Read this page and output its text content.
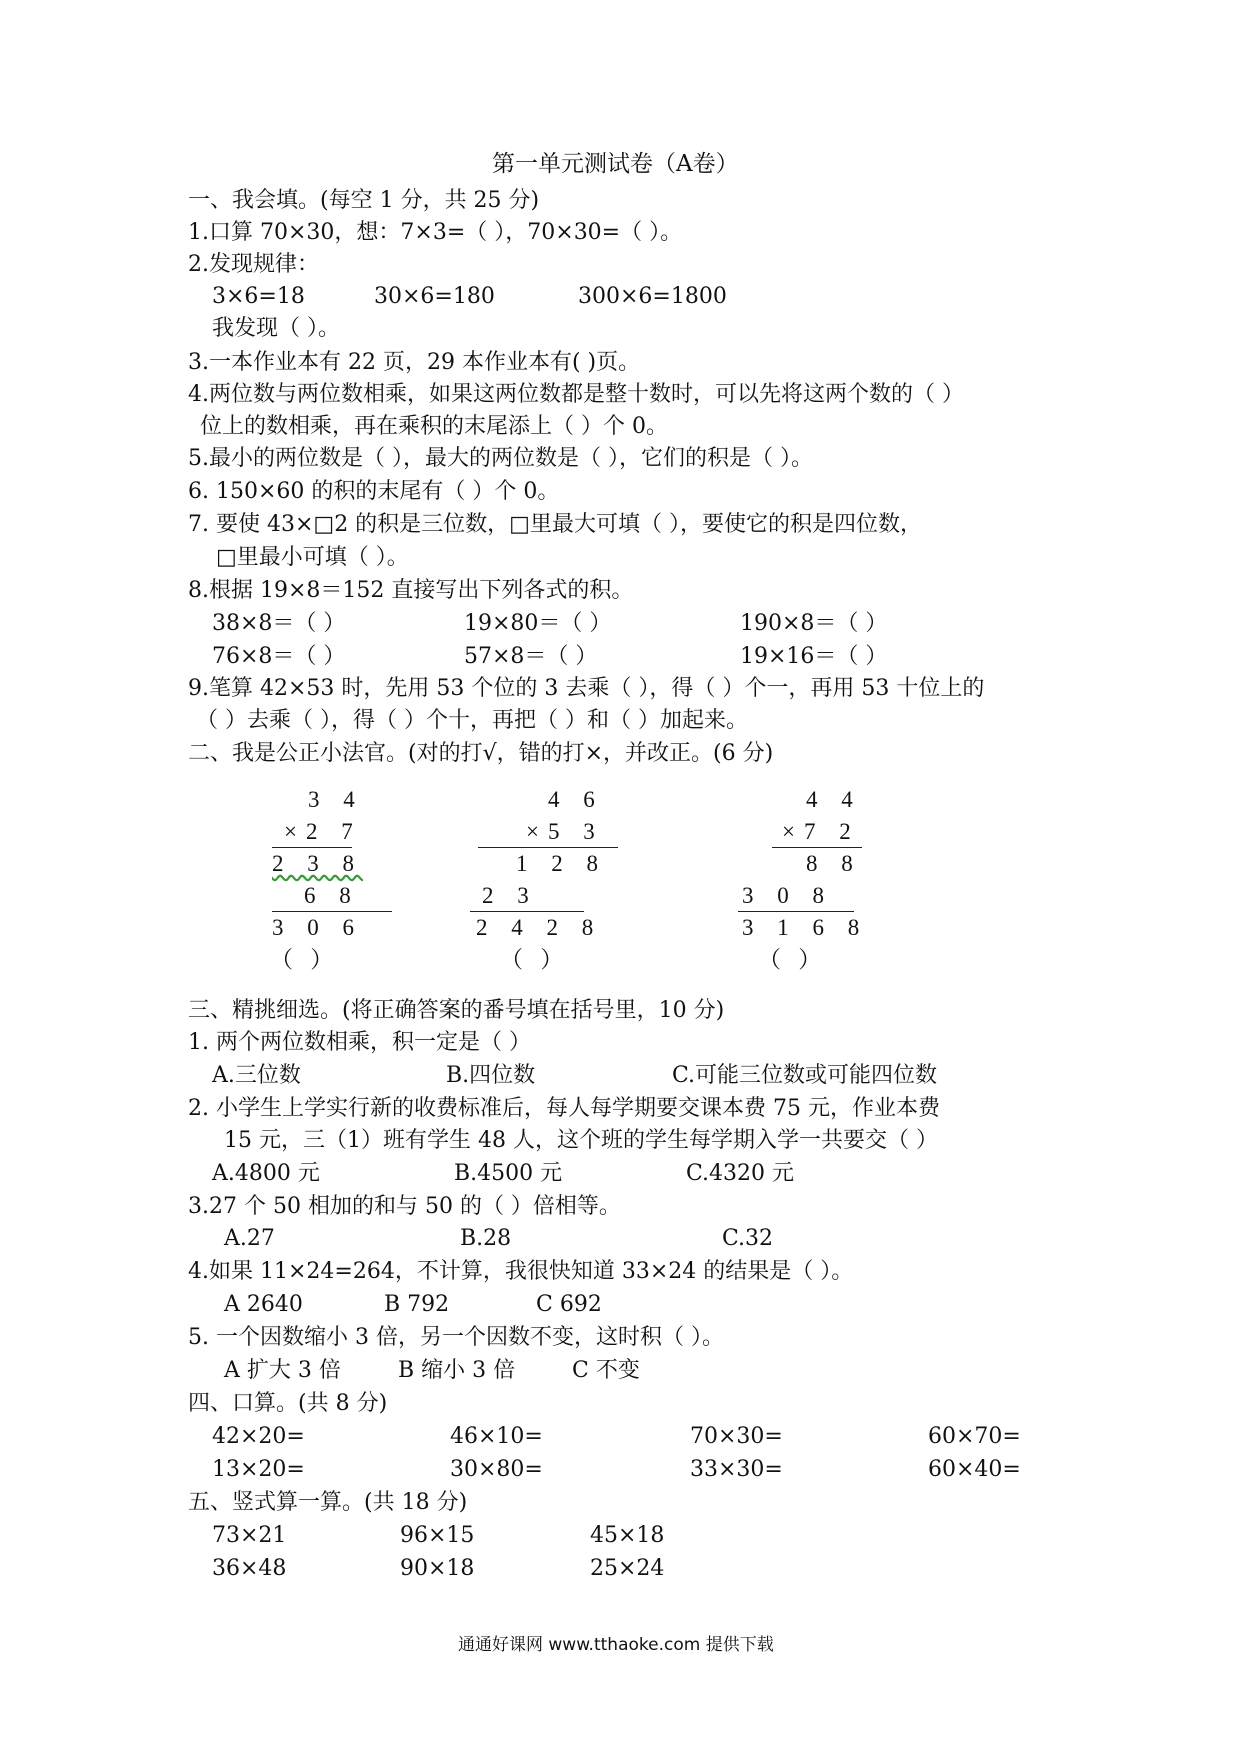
第一单元测试卷（A卷）
一、我会填。(每空 1 分，共 25 分)
1.口算 70×30，想：7×3=（ ），70×30=（ ）。
2.发现规律：
3×6=18	30×6=180	300×6=1800
我发现（ ）。
3.一本作业本有 22 页，29 本作业本有( )页。
4.两位数与两位数相乘，如果这两位数都是整十数时，可以先将这两个数的（ ）
位上的数相乘，再在乘积的末尾添上（ ）个 0。
5.最小的两位数是（ ），最大的两位数是（ ），它们的积是（ ）。
6. 150×60 的积的末尾有（ ）个 0。
7. 要使 43×□2 的积是三位数，□里最大可填（ ），要使它的积是四位数，
□里最小可填（ ）。
8.根据 19×8＝152 直接写出下列各式的积。
38×8＝（ ）	19×80＝（ ）	190×8＝（ ）
76×8＝（ ）	57×8＝（ ）	19×16＝（ ）
9.笔算 42×53 时，先用 53 个位的 3 去乘（ ），得（ ）个一，再用 53 十位上的
（ ）去乘（ ），得（ ）个十，再把（ ）和（ ）加起来。
二、我是公正小法官。(对的打√，错的打×，并改正。(6 分)
3 4
×2 7
2 3 8
6 8
3 0 6
（   ）
4 6
×5 3
1 2 8
2 3
2 4 2 8
（   ）
4 4
×7 2
8 8
3 0 8
3 1 6 8
（   ）
三、精挑细选。(将正确答案的番号填在括号里，10 分)
1. 两个两位数相乘，积一定是（ ）
A.三位数	B.四位数	C.可能三位数或可能四位数
2. 小学生上学实行新的收费标准后，每人每学期要交课本费 75 元，作业本费
15 元，三（1）班有学生 48 人，这个班的学生每学期入学一共要交（ ）
A.4800 元	B.4500 元	C.4320 元
3.27 个 50 相加的和与 50 的（ ）倍相等。
A.27	B.28	C.32
4.如果 11×24=264，不计算，我很快知道 33×24 的结果是（ ）。
A 2640	B 792	C 692
5. 一个因数缩小 3 倍，另一个因数不变，这时积（ ）。
A 扩大 3 倍	B 缩小 3 倍	C 不变
四、口算。(共 8 分)
42×20=	46×10=	70×30=	60×70=
13×20=	30×80=	33×30=	60×40=
五、竖式算一算。(共 18 分)
73×21	96×15	45×18
36×48	90×18	25×24
通通好课网 www.tthaoke.com 提供下载
